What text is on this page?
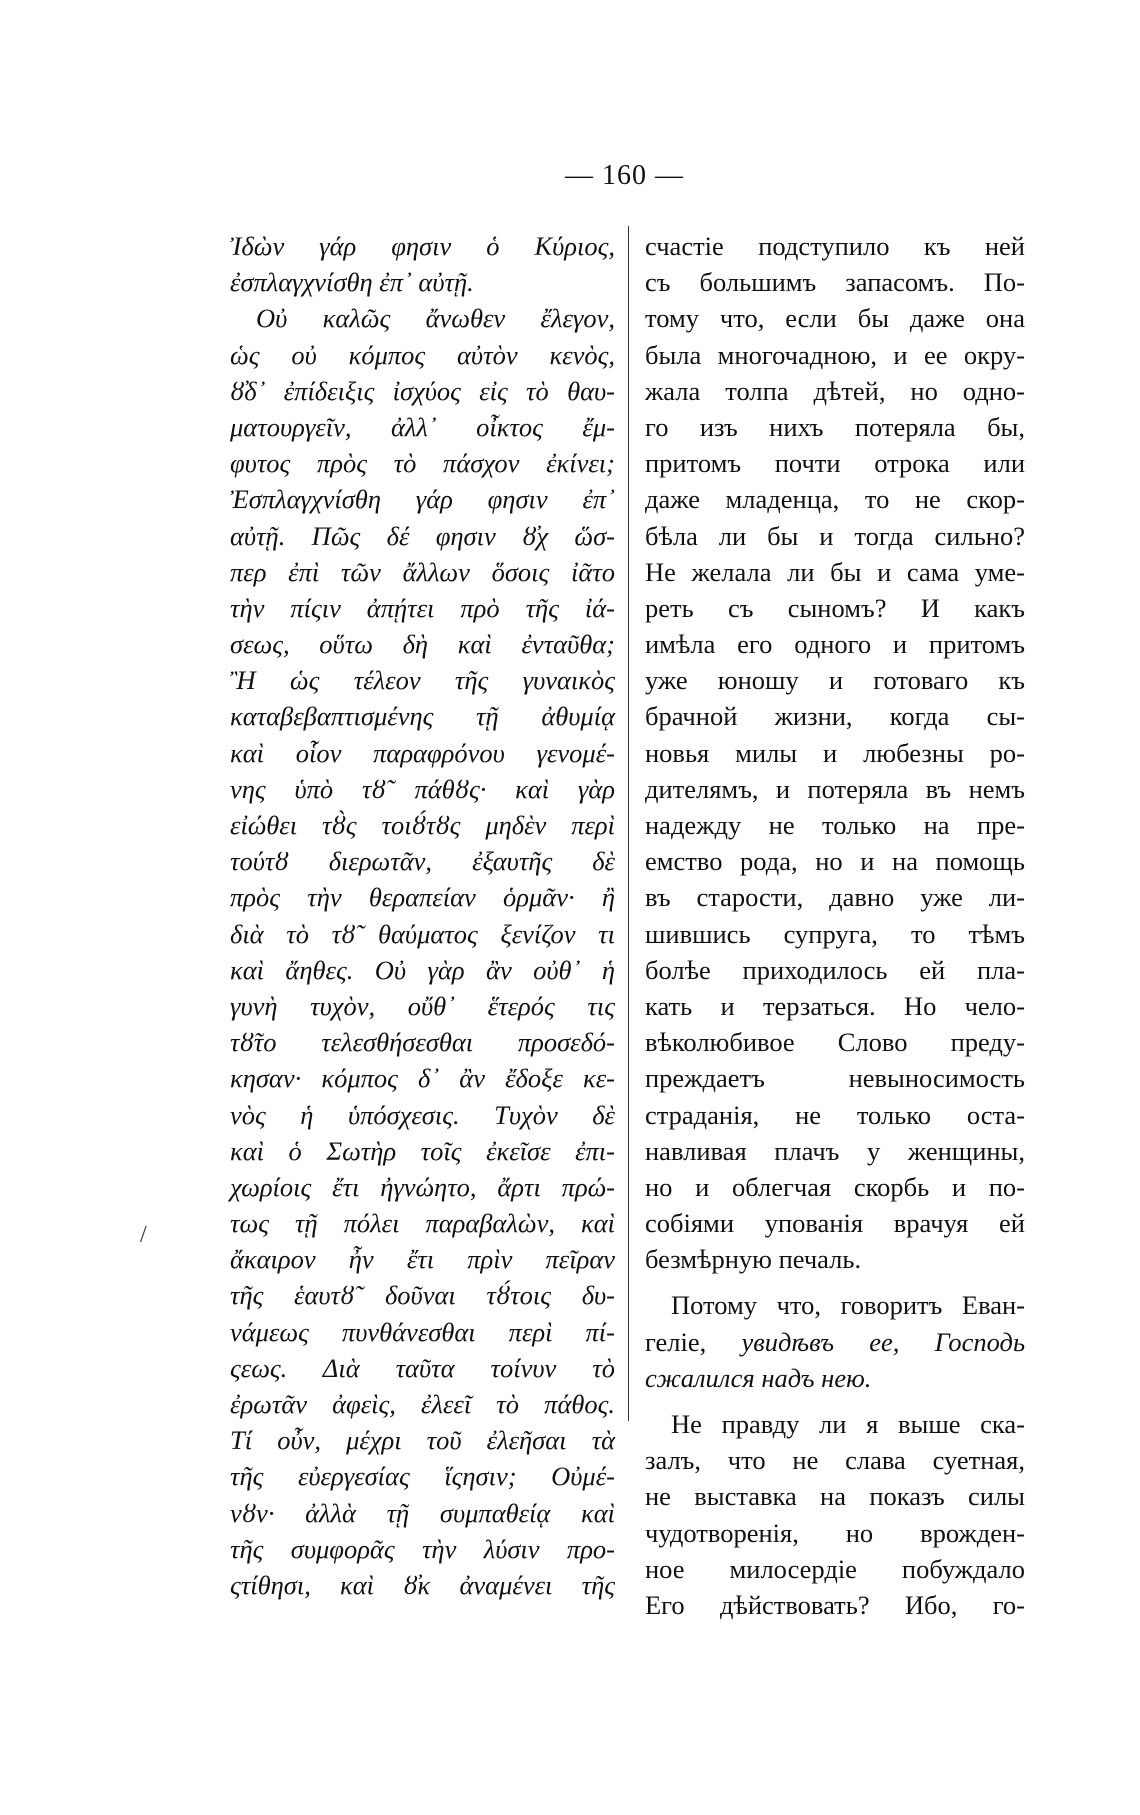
— 160 —
/
Ἰδὼν γάρ φησιν ὁ Κύριος,
ἐσπλαγχνίσθη ἐπ᾽ αὐτῇ.
Οὐ καλῶς ἄνωθεν ἔλεγον,
ὡς οὐ κόμπος αὐτὸν κενὸς,
ȣ̓δ᾽ ἐπίδειξις ἰσχύος εἰς τὸ θαυ-
ματουργεῖν, ἀλλ᾽ οἶκτος ἔμ-
φυτος πρὸς τὸ πάσχον ἐκίνει;
Ἐσπλαγχνίσθη γάρ φησιν ἐπ᾽
αὐτῇ. Πῶς δέ φησιν ȣ̓χ ὥσ-
περ ἐπὶ τῶν ἄλλων ὅσοις ἰᾶτο
τὴν πίςιν ἀπῄτει πρὸ τῆς ἰά-
σεως, οὕτω δὴ καὶ ἐνταῦθα;
Ἢ ὡς τέλεον τῆς γυναικὸς
καταβεβαπτισμένης τῇ ἀθυμίᾳ
καὶ οἷον παραφρόνου γενομέ-
νης ὑπὸ τȣ̃ πάθȣς· καὶ γὰρ
εἰώθει τȣ̀ς τοιȣ́τȣς μηδὲν περὶ
τούτȣ διερωτᾶν, ἐξαυτῆς δὲ
πρὸς τὴν θεραπείαν ὁρμᾶν· ἢ
διὰ τὸ τȣ̃ θαύματος ξενίζον τι
καὶ ἄηθες. Οὐ γὰρ ἂν οὐθ᾽ ἡ
γυνὴ τυχὸν, οὔθ᾽ ἕτερός τις
τȣ̃το τελεσθήσεσθαι προσεδό-
κησαν· κόμπος δ᾽ ἂν ἔδοξε κε-
νὸς ἡ ὑπόσχεσις. Τυχὸν δὲ
καὶ ὁ Σωτὴρ τοῖς ἐκεῖσε ἐπι-
χωρίοις ἔτι ἠγνώητο, ἄρτι πρώ-
τως τῇ πόλει παραβαλὼν, καὶ
ἄκαιρον ἦν ἔτι πρὶν πεῖραν
τῆς ἑαυτȣ̃ δοῦναι τȣ́τοις δυ-
νάμεως πυνθάνεσθαι περὶ πί-
ςεως. Διὰ ταῦτα τοίνυν τὸ
ἐρωτᾶν ἀφεὶς, ἐλεεῖ τὸ πάθος.
Τί οὖν, μέχρι τοῦ ἐλεῆσαι τὰ
τῆς εὐεργεσίας ἵςησιν; Οὐμέ-
νȣν· ἀλλὰ τῇ συμπαθείᾳ καὶ
τῆς συμφορᾶς τὴν λύσιν προ-
ςτίθησι, καὶ ȣ̓κ ἀναμένει τῆς
счастіе подступило къ ней
съ большимъ запасомъ. По-
тому что, если бы даже она
была многочадною, и ее окру-
жала толпа дѣтей, но одно-
го изъ нихъ потеряла бы,
притомъ почти отрока или
даже младенца, то не скор-
бѣла ли бы и тогда сильно?
Не желала ли бы и сама уме-
реть съ сыномъ? И какъ
имѣла его одного и притомъ
уже юношу и готоваго къ
брачной жизни, когда сы-
новья милы и любезны ро-
дителямъ, и потеряла въ немъ
надежду не только на пре-
емство рода, но и на помощь
въ старости, давно уже ли-
шившись супруга, то тѣмъ
болѣе приходилось ей пла-
кать и терзаться. Но чело-
вѣколюбивое Слово преду-
преждаетъ невыносимость
страданія, не только оста-
навливая плачъ у женщины,
но и облегчая скорбь и по-
собіями упованія врачуя ей
безмѣрную печаль.
Потому что, говоритъ Еван-
геліе, увидѣвъ ее, Господь
сжалился надъ нею.
Не правду ли я выше ска-
залъ, что не слава суетная,
не выставка на показъ силы
чудотворенія, но врожден-
ное милосердіе побуждало
Его дѣйствовать? Ибо, го-
